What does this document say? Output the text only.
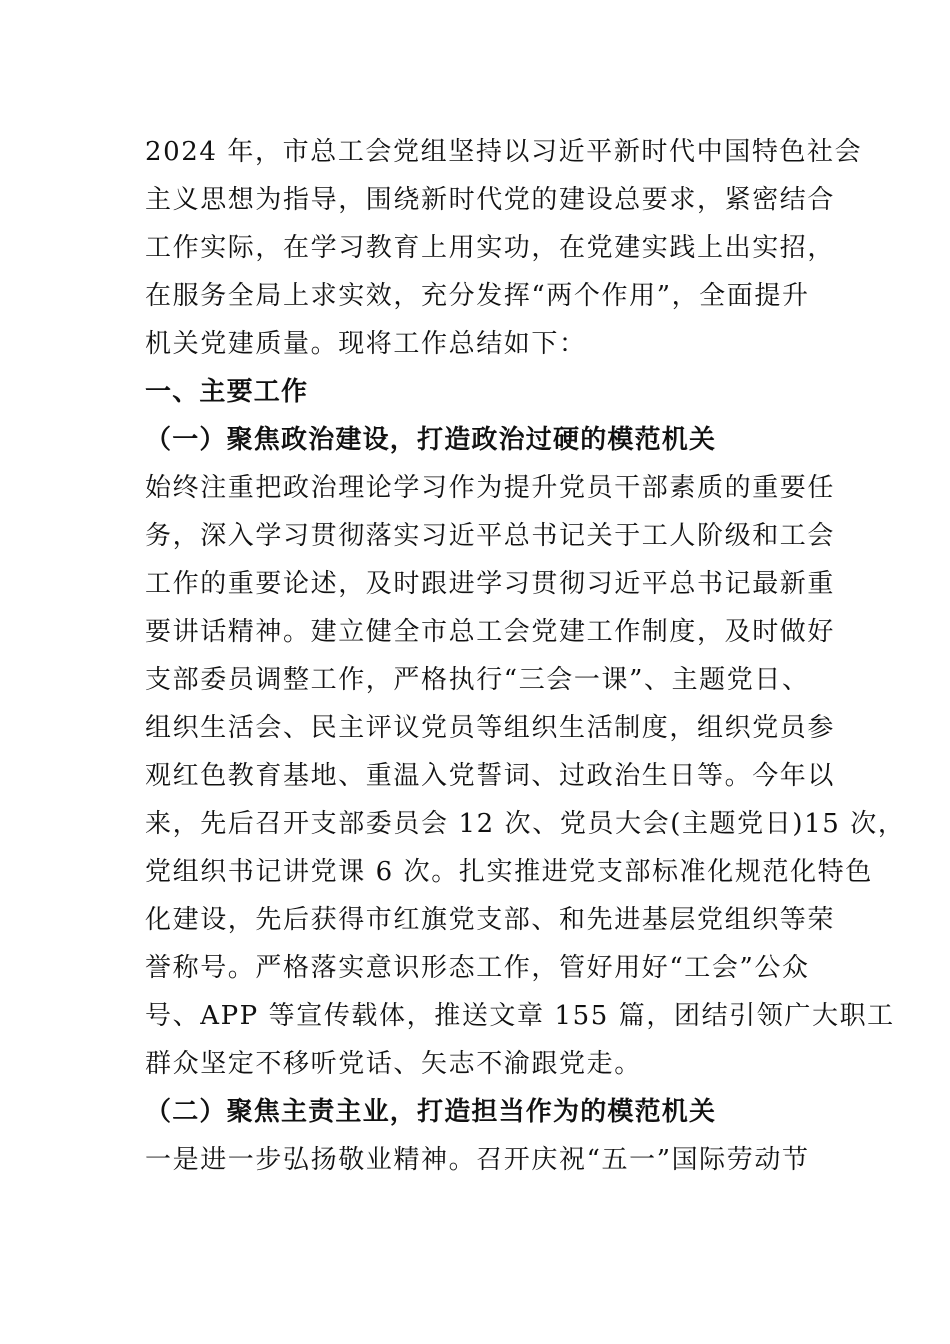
2024 年，市总工会党组坚持以习近平新时代中国特色社会
主义思想为指导，围绕新时代党的建设总要求，紧密结合
工作实际，在学习教育上用实功，在党建实践上出实招，
在服务全局上求实效，充分发挥“两个作用”，全面提升
机关党建质量。现将工作总结如下：
一、主要工作
（一）聚焦政治建设，打造政治过硬的模范机关
始终注重把政治理论学习作为提升党员干部素质的重要任
务，深入学习贯彻落实习近平总书记关于工人阶级和工会
工作的重要论述，及时跟进学习贯彻习近平总书记最新重
要讲话精神。建立健全市总工会党建工作制度，及时做好
支部委员调整工作，严格执行“三会一课”、主题党日、
组织生活会、民主评议党员等组织生活制度，组织党员参
观红色教育基地、重温入党誓词、过政治生日等。今年以
来，先后召开支部委员会 12 次、党员大会(主题党日)15 次，
党组织书记讲党课 6 次。扎实推进党支部标准化规范化特色
化建设，先后获得市红旗党支部、和先进基层党组织等荣
誉称号。严格落实意识形态工作，管好用好“工会”公众
号、APP 等宣传载体，推送文章 155 篇，团结引领广大职工
群众坚定不移听党话、矢志不渝跟党走。
（二）聚焦主责主业，打造担当作为的模范机关
一是进一步弘扬敬业精神。召开庆祝“五一”国际劳动节
